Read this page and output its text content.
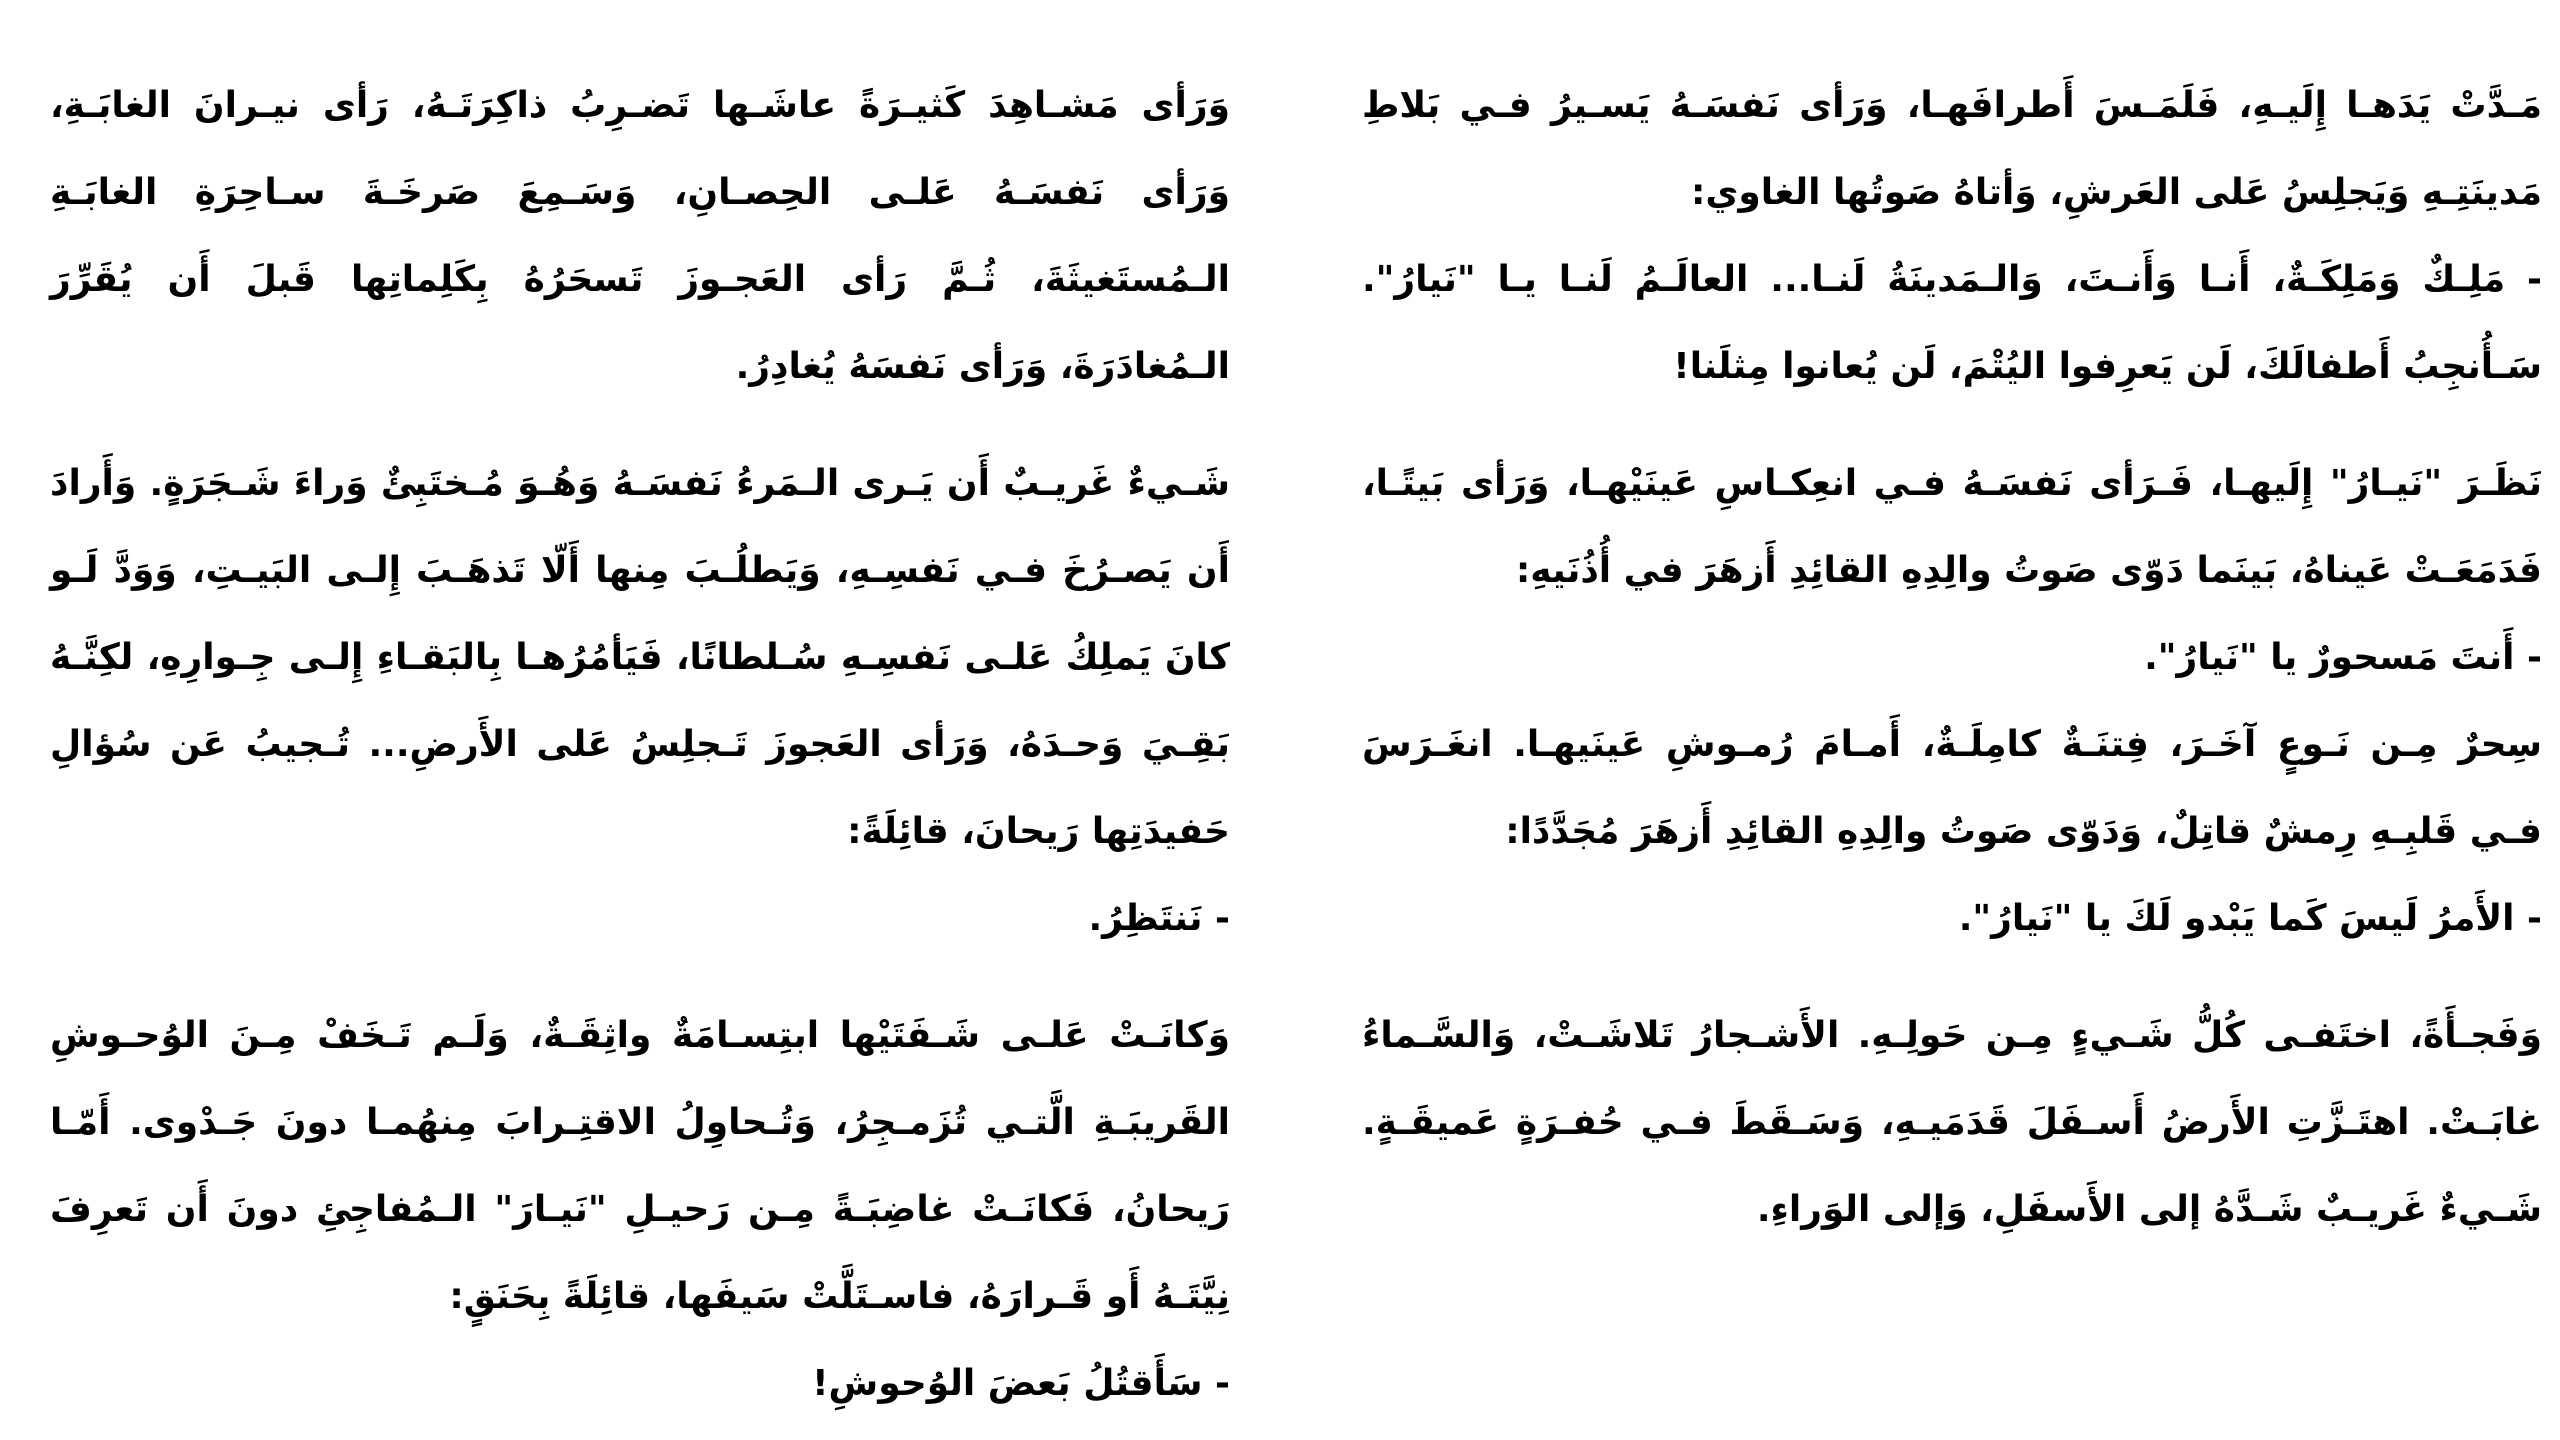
مَـدَّتْ يَدَهـا إِلَيـهِ، فَلَمَـسَ أَطرافَهـا، وَرَأى نَفسَـهُ يَسـيرُ فـي بَلاطِ مَدينَتِـهِ وَيَجلِسُ عَلى العَرشِ، وَأتاهُ صَوتُها الغاوي:

- مَلِـكٌ وَمَلِكَـةٌ، أَنـا وَأَنـتَ، وَالـمَدينَةُ لَنـا... العالَـمُ لَنـا يـا "نَيارُ". سَـأُنجِبُ أَطفالَكَ، لَن يَعرِفوا اليُتْمَ، لَن يُعانوا مِثلَنا!

نَظَـرَ "نَيـارُ" إِلَيهـا، فَـرَأى نَفسَـهُ فـي انعِكـاسِ عَينَيْهـا، وَرَأى بَيتًـا، فَدَمَعَـتْ عَيناهُ، بَينَما دَوّى صَوتُ والِدِهِ القائِدِ أَزهَرَ في أُذُنَيهِ:

- أَنتَ مَسحورٌ يا "نَيارُ".

سِحرٌ مِـن نَـوعٍ آخَـرَ، فِتنَـةٌ كامِلَـةٌ، أَمـامَ رُمـوشِ عَينَيهـا. انغَـرَسَ فـي قَلبِـهِ رِمشٌ قاتِلٌ، وَدَوّى صَوتُ والِدِهِ القائِدِ أَزهَرَ مُجَدَّدًا:

- الأَمرُ لَيسَ كَما يَبْدو لَكَ يا "نَيارُ".

وَفَجـأَةً، اختَفـى كُلُّ شَـيءٍ مِـن حَولِـهِ. الأَشـجارُ تَلاشَـتْ، وَالسَّـماءُ غابَـتْ. اهتَـزَّتِ الأَرضُ أَسـفَلَ قَدَمَيـهِ، وَسَـقَطَ فـي حُفـرَةٍ عَميقَـةٍ. شَـيءٌ غَريـبٌ شَـدَّهُ إلى الأَسفَلِ، وَإلى الوَراءِ.

وَرَأى مَشـاهِدَ كَثيـرَةً عاشَـها تَضـرِبُ ذاكِرَتَـهُ، رَأى نيـرانَ الغابَـةِ، وَرَأى نَفسَـهُ عَلـى الحِصـانِ، وَسَـمِعَ صَرخَـةَ سـاحِرَةِ الغابَـةِ الـمُستَغيثَةَ، ثُـمَّ رَأى العَجـوزَ تَسحَرُهُ بِكَلِماتِها قَبلَ أَن يُقَرِّرَ الـمُغادَرَةَ، وَرَأى نَفسَهُ يُغادِرُ.

شَـيءٌ غَريـبٌ أَن يَـرى الـمَرءُ نَفسَـهُ وَهُـوَ مُـختَبِئٌ وَراءَ شَـجَرَةٍ. وَأَرادَ أَن يَصـرُخَ فـي نَفسِـهِ، وَيَطلُـبَ مِنها أَلّا تَذهَـبَ إِلـى البَيـتِ، وَوَدَّ لَـو كانَ يَملِكُ عَلـى نَفسِـهِ سُـلطانًا، فَيَأمُرُهـا بِالبَقـاءِ إِلـى جِـوارِهِ، لكِنَّـهُ بَقِـيَ وَحـدَهُ، وَرَأى العَجوزَ تَـجلِسُ عَلى الأَرضِ... تُـجيبُ عَن سُؤالِ حَفيدَتِها رَيحانَ، قائِلَةً:

- نَنتَظِرُ.

وَكانَـتْ عَلـى شَـفَتَيْها ابتِسـامَةٌ واثِقَـةٌ، وَلَـم تَـخَفْ مِـنَ الوُحـوشِ القَريبَـةِ الَّتـي تُزَمـجِرُ، وَتُـحاوِلُ الاقتِـرابَ مِنهُمـا دونَ جَـدْوى. أَمّـا رَيحانُ، فَكانَـتْ غاضِبَـةً مِـن رَحيـلِ "نَيـارَ" الـمُفاجِئِ دونَ أَن تَعرِفَ نِيَّتَـهُ أَو قَـرارَهُ، فاسـتَلَّتْ سَيفَها، قائِلَةً بِحَنَقٍ:

- سَأَقتُلُ بَعضَ الوُحوشِ!
